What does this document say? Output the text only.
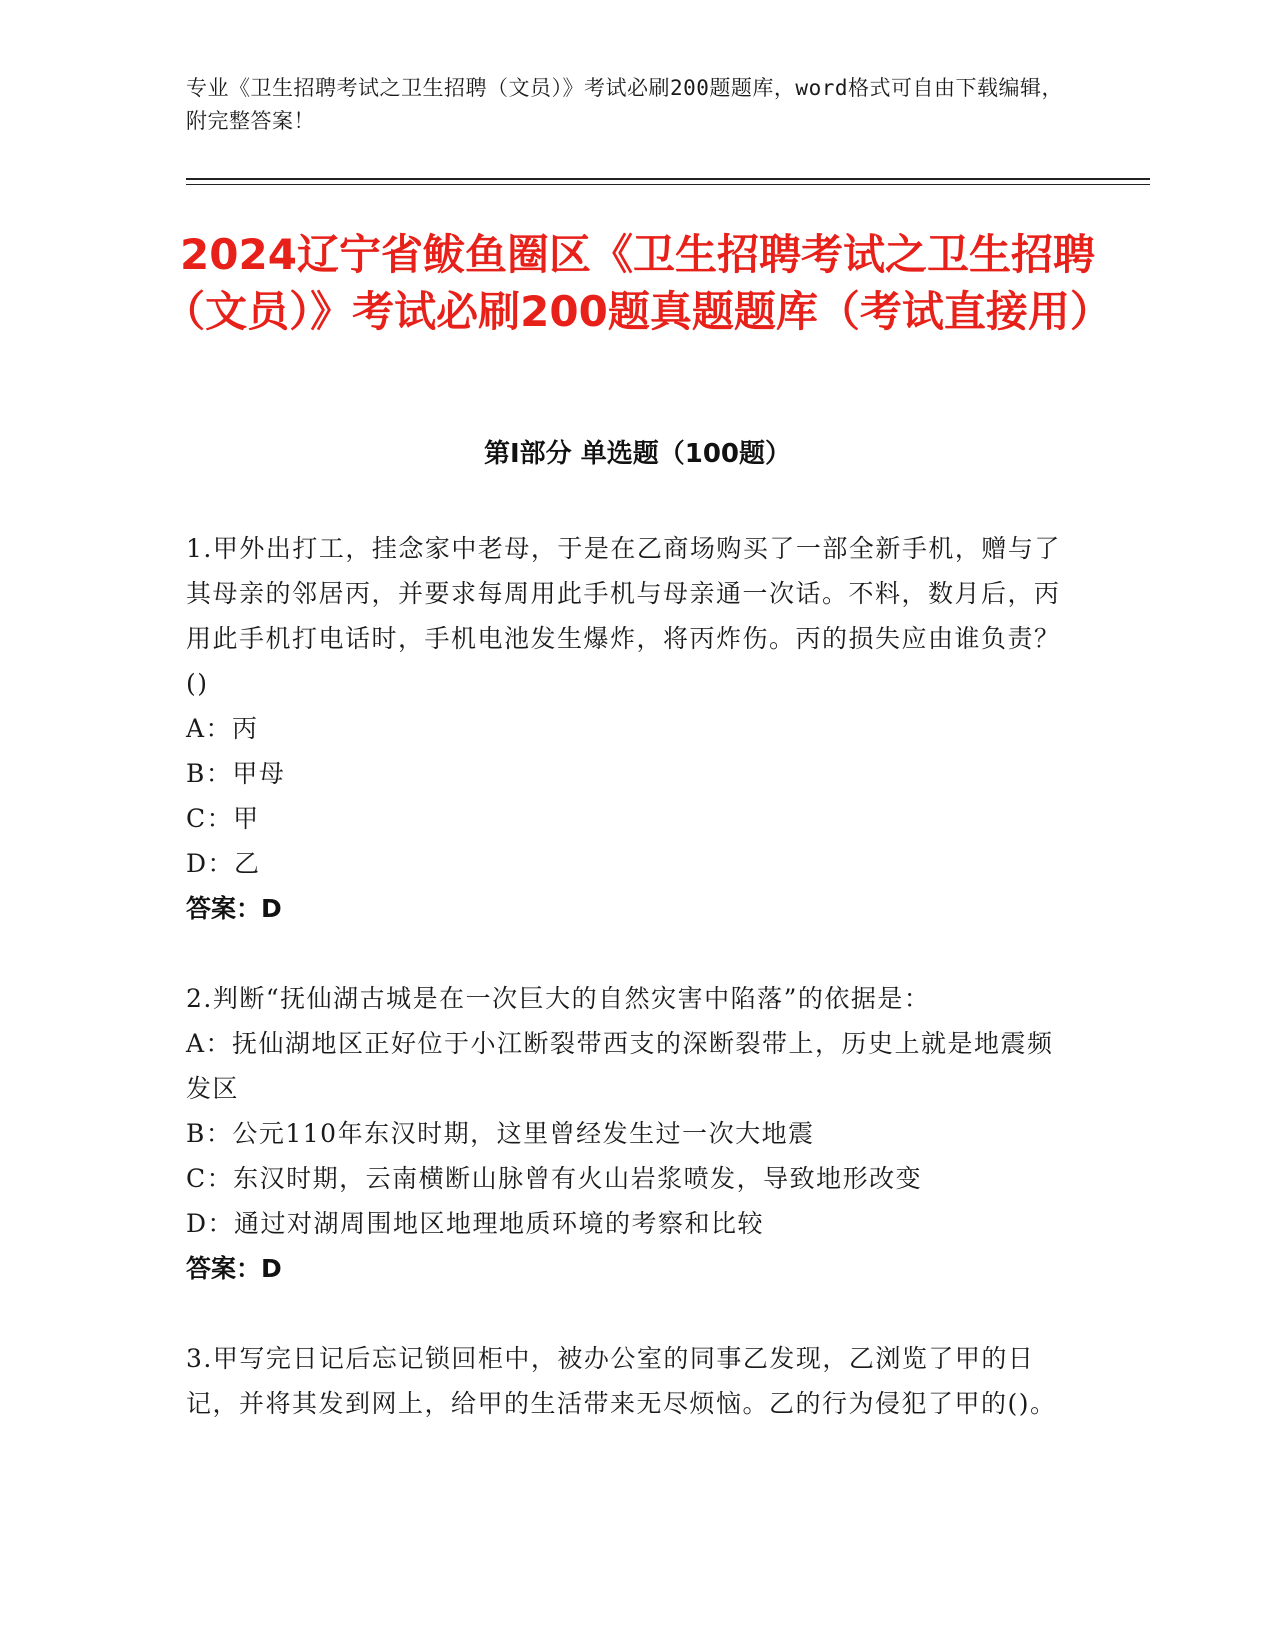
专业《卫生招聘考试之卫生招聘（文员）》考试必刷200题题库，word格式可自由下载编辑，附完整答案！
2024辽宁省鲅鱼圈区《卫生招聘考试之卫生招聘（文员）》考试必刷200题真题题库（考试直接用）
第Ⅰ部分 单选题（100题）

1.甲外出打工，挂念家中老母，于是在乙商场购买了一部全新手机，赠与了其母亲的邻居丙，并要求每周用此手机与母亲通一次话。不料，数月后，丙用此手机打电话时，手机电池发生爆炸，将丙炸伤。丙的损失应由谁负责？()

A：丙

B：甲母

C：甲

D：乙

答案：D

2.判断“抚仙湖古城是在一次巨大的自然灾害中陷落”的依据是：

A：抚仙湖地区正好位于小江断裂带西支的深断裂带上，历史上就是地震频发区

B：公元110年东汉时期，这里曾经发生过一次大地震

C：东汉时期，云南横断山脉曾有火山岩浆喷发，导致地形改变

D：通过对湖周围地区地理地质环境的考察和比较

答案：D

3.甲写完日记后忘记锁回柜中，被办公室的同事乙发现，乙浏览了甲的日记，并将其发到网上，给甲的生活带来无尽烦恼。乙的行为侵犯了甲的()。
